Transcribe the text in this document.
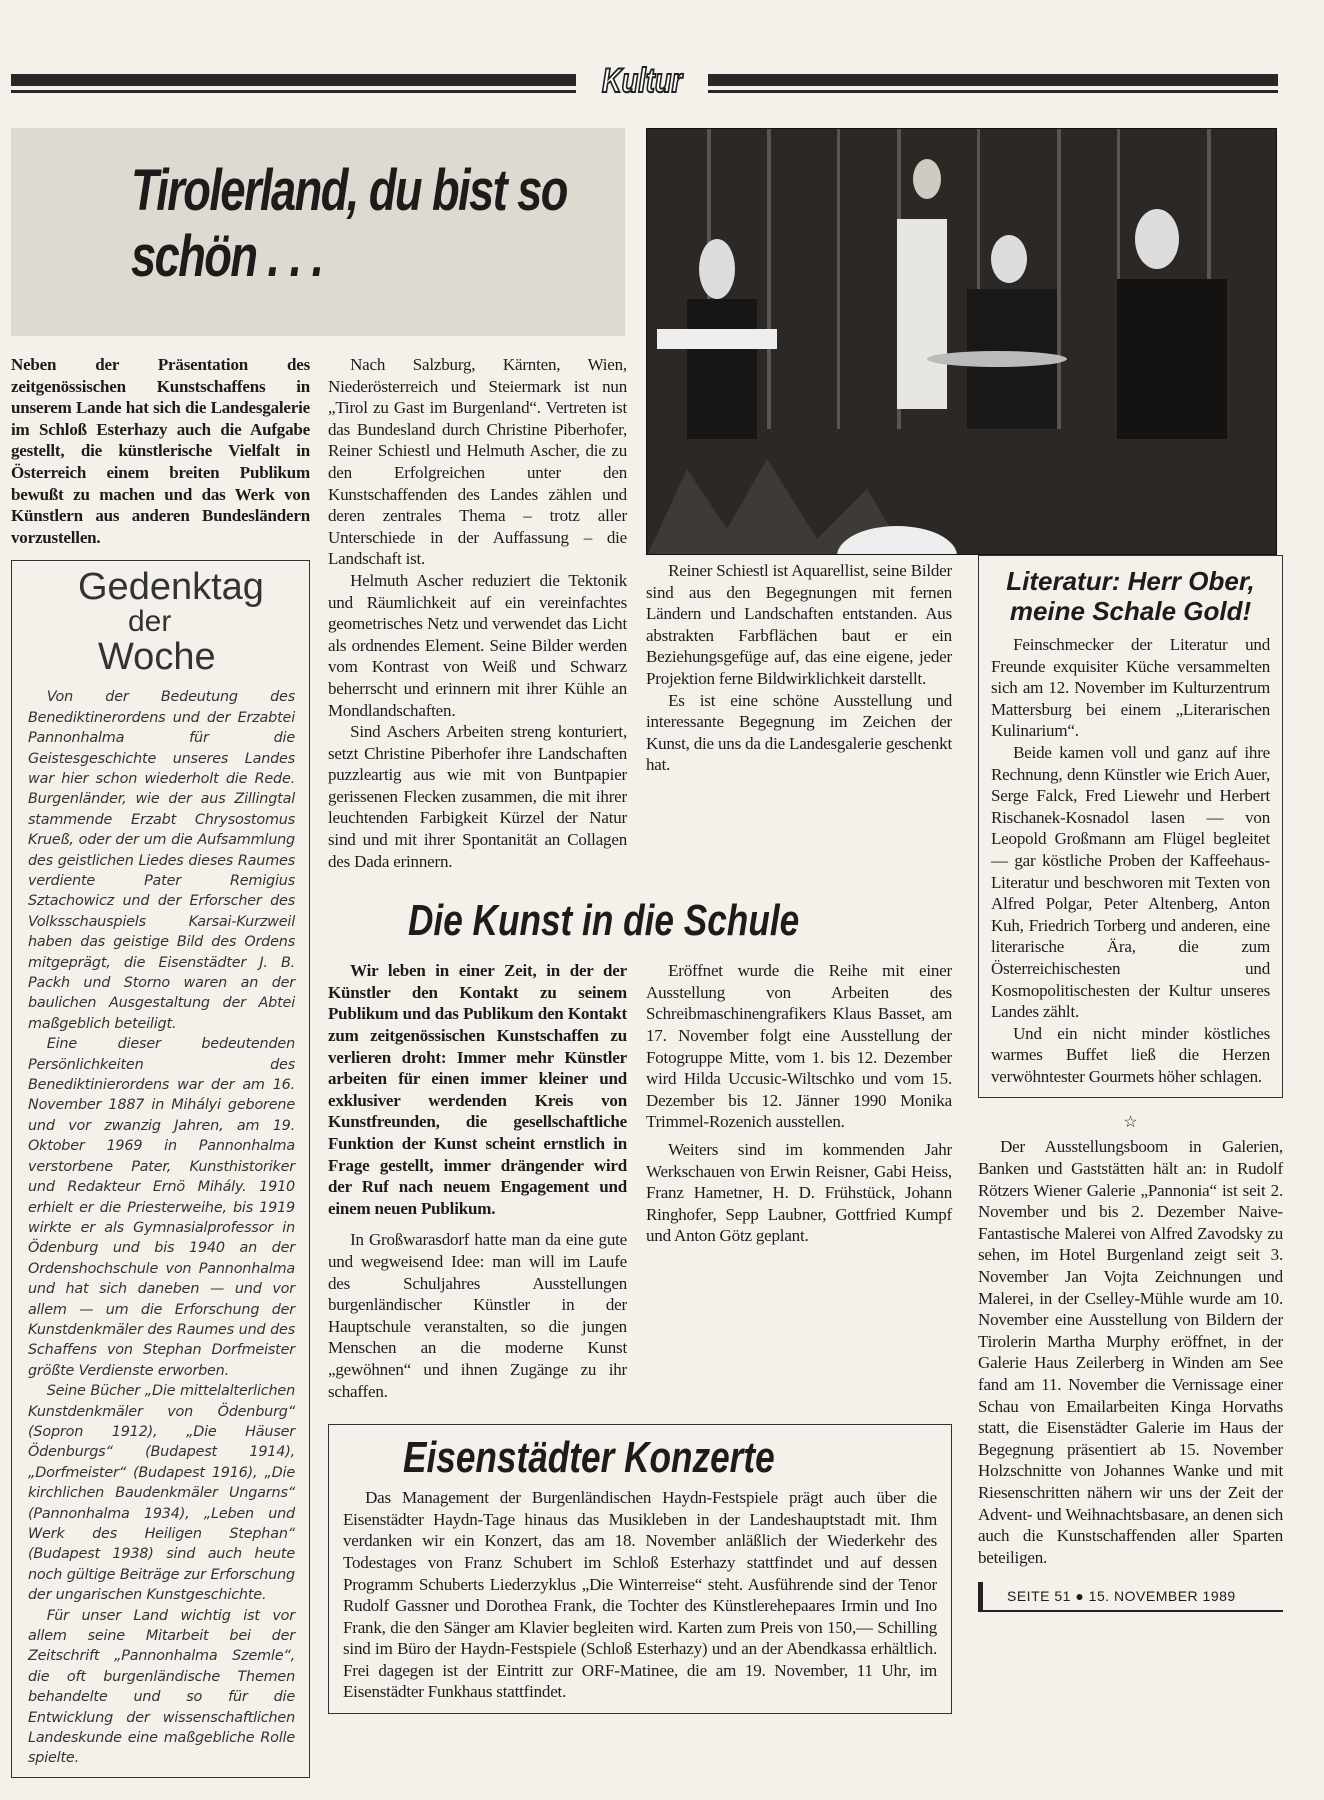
Kultur
Tirolerland, du bist so schön . . .
Neben der Präsentation des zeitgenössischen Kunstschaffens in unserem Lande hat sich die Landesgalerie im Schloß Esterhazy auch die Aufgabe gestellt, die künstlerische Vielfalt in Österreich einem breiten Publikum bewußt zu machen und das Werk von Künstlern aus anderen Bundesländern vorzustellen.
Gedenktag
der
Woche

Von der Bedeutung des Benediktinerordens und der Erzabtei Pannonhalma für die Geistesgeschichte unseres Landes war hier schon wiederholt die Rede. Burgenländer, wie der aus Zillingtal stammende Erzabt Chrysostomus Krueß, oder der um die Aufsammlung des geistlichen Liedes dieses Raumes verdiente Pater Remigius Sztachowicz und der Erforscher des Volksschauspiels Karsai-Kurzweil haben das geistige Bild des Ordens mitgeprägt, die Eisenstädter J. B. Packh und Storno waren an der baulichen Ausgestaltung der Abtei maßgeblich beteiligt.

Eine dieser bedeutenden Persönlichkeiten des Benediktinierordens war der am 16. November 1887 in Mihályi geborene und vor zwanzig Jahren, am 19. Oktober 1969 in Pannonhalma verstorbene Pater, Kunsthistoriker und Redakteur Ernö Mihály. 1910 erhielt er die Priesterweihe, bis 1919 wirkte er als Gymnasialprofessor in Ödenburg und bis 1940 an der Ordenshochschule von Pannonhalma und hat sich daneben — und vor allem — um die Erforschung der Kunstdenkmäler des Raumes und des Schaffens von Stephan Dorfmeister größte Verdienste erworben.

Seine Bücher „Die mittelalterlichen Kunstdenkmäler von Ödenburg“ (Sopron 1912), „Die Häuser Ödenburgs“ (Budapest 1914), „Dorfmeister“ (Budapest 1916), „Die kirchlichen Baudenkmäler Ungarns“ (Pannonhalma 1934), „Leben und Werk des Heiligen Stephan“ (Budapest 1938) sind auch heute noch gültige Beiträge zur Erforschung der ungarischen Kunstgeschichte.

Für unser Land wichtig ist vor allem seine Mitarbeit bei der Zeitschrift „Pannonhalma Szemle“, die oft burgenländische Themen behandelte und so für die Entwicklung der wissenschaftlichen Landeskunde eine maßgebliche Rolle spielte.

Nach Salzburg, Kärnten, Wien, Niederösterreich und Steiermark ist nun „Tirol zu Gast im Burgenland“. Vertreten ist das Bundesland durch Christine Piberhofer, Reiner Schiestl und Helmuth Ascher, die zu den Erfolgreichen unter den Kunstschaffenden des Landes zählen und deren zentrales Thema – trotz aller Unterschiede in der Auffassung – die Landschaft ist.

Helmuth Ascher reduziert die Tektonik und Räumlichkeit auf ein vereinfachtes geometrisches Netz und verwendet das Licht als ordnendes Element. Seine Bilder werden vom Kontrast von Weiß und Schwarz beherrscht und erinnern mit ihrer Kühle an Mondlandschaften.

Sind Aschers Arbeiten streng konturiert, setzt Christine Piberhofer ihre Landschaften puzzleartig aus wie mit von Buntpapier gerissenen Flecken zusammen, die mit ihrer leuchtenden Farbigkeit Kürzel der Natur sind und mit ihrer Spontanität an Collagen des Dada erinnern.

Reiner Schiestl ist Aquarellist, seine Bilder sind aus den Begegnungen mit fernen Ländern und Landschaften entstanden. Aus abstrakten Farbflächen baut er ein Beziehungsgefüge auf, das eine eigene, jeder Projektion ferne Bildwirklichkeit darstellt.

Es ist eine schöne Ausstellung und interessante Begegnung im Zeichen der Kunst, die uns da die Landesgalerie geschenkt hat.

Die Kunst in die Schule
Wir leben in einer Zeit, in der der Künstler den Kontakt zu seinem Publikum und das Publikum den Kontakt zum zeitgenössischen Kunstschaffen zu verlieren droht: Immer mehr Künstler arbeiten für einen immer kleiner und exklusiver werdenden Kreis von Kunstfreunden, die gesellschaftliche Funktion der Kunst scheint ernstlich in Frage gestellt, immer drängender wird der Ruf nach neuem Engagement und einem neuen Publikum.

In Großwarasdorf hatte man da eine gute und wegweisend Idee: man will im Laufe des Schuljahres Ausstellungen burgenländischer Künstler in der Hauptschule veranstalten, so die jungen Menschen an die moderne Kunst „gewöhnen“ und ihnen Zugänge zu ihr schaffen.

Eröffnet wurde die Reihe mit einer Ausstellung von Arbeiten des Schreibmaschinengrafikers Klaus Basset, am 17. November folgt eine Ausstellung der Fotogruppe Mitte, vom 1. bis 12. Dezember wird Hilda Uccusic-Wiltschko und vom 15. Dezember bis 12. Jänner 1990 Monika Trimmel-Rozenich ausstellen.

Weiters sind im kommenden Jahr Werkschauen von Erwin Reisner, Gabi Heiss, Franz Hametner, H. D. Frühstück, Johann Ringhofer, Sepp Laubner, Gottfried Kumpf und Anton Götz geplant.

Eisenstädter Konzerte

Das Management der Burgenländischen Haydn-Festspiele prägt auch über die Eisenstädter Haydn-Tage hinaus das Musikleben in der Landeshauptstadt mit. Ihm verdanken wir ein Konzert, das am 18. November anläßlich der Wiederkehr des Todestages von Franz Schubert im Schloß Esterhazy stattfindet und auf dessen Programm Schuberts Liederzyklus „Die Winterreise“ steht. Ausführende sind der Tenor Rudolf Gassner und Dorothea Frank, die Tochter des Künstlerehepaares Irmin und Ino Frank, die den Sänger am Klavier begleiten wird. Karten zum Preis von 150,— Schilling sind im Büro der Haydn-Festspiele (Schloß Esterhazy) und an der Abendkassa erhältlich. Frei dagegen ist der Eintritt zur ORF-Matinee, die am 19. November, 11 Uhr, im Eisenstädter Funkhaus stattfindet.

Literatur: Herr Ober, meine Schale Gold!

Feinschmecker der Literatur und Freunde exquisiter Küche versammelten sich am 12. November im Kulturzentrum Mattersburg bei einem „Literarischen Kulinarium“.

Beide kamen voll und ganz auf ihre Rechnung, denn Künstler wie Erich Auer, Serge Falck, Fred Liewehr und Herbert Rischanek-Kosnadol lasen — von Leopold Großmann am Flügel begleitet — gar köstliche Proben der Kaffeehaus-Literatur und beschworen mit Texten von Alfred Polgar, Peter Altenberg, Anton Kuh, Friedrich Torberg und anderen, eine literarische Ära, die zum Österreichischesten und Kosmopolitischesten der Kultur unseres Landes zählt.

Und ein nicht minder köstliches warmes Buffet ließ die Herzen verwöhntester Gourmets höher schlagen.

☆

Der Ausstellungsboom in Galerien, Banken und Gaststätten hält an: in Rudolf Rötzers Wiener Galerie „Pannonia“ ist seit 2. November und bis 2. Dezember Naive-Fantastische Malerei von Alfred Zavodsky zu sehen, im Hotel Burgenland zeigt seit 3. November Jan Vojta Zeichnungen und Malerei, in der Cselley-Mühle wurde am 10. November eine Ausstellung von Bildern der Tirolerin Martha Murphy eröffnet, in der Galerie Haus Zeilerberg in Winden am See fand am 11. November die Vernissage einer Schau von Emailarbeiten Kinga Horvaths statt, die Eisenstädter Galerie im Haus der Begegnung präsentiert ab 15. November Holzschnitte von Johannes Wanke und mit Riesenschritten nähern wir uns der Zeit der Advent- und Weihnachtsbasare, an denen sich auch die Kunstschaffenden aller Sparten beteiligen.

SEITE 51 ● 15. NOVEMBER 1989
